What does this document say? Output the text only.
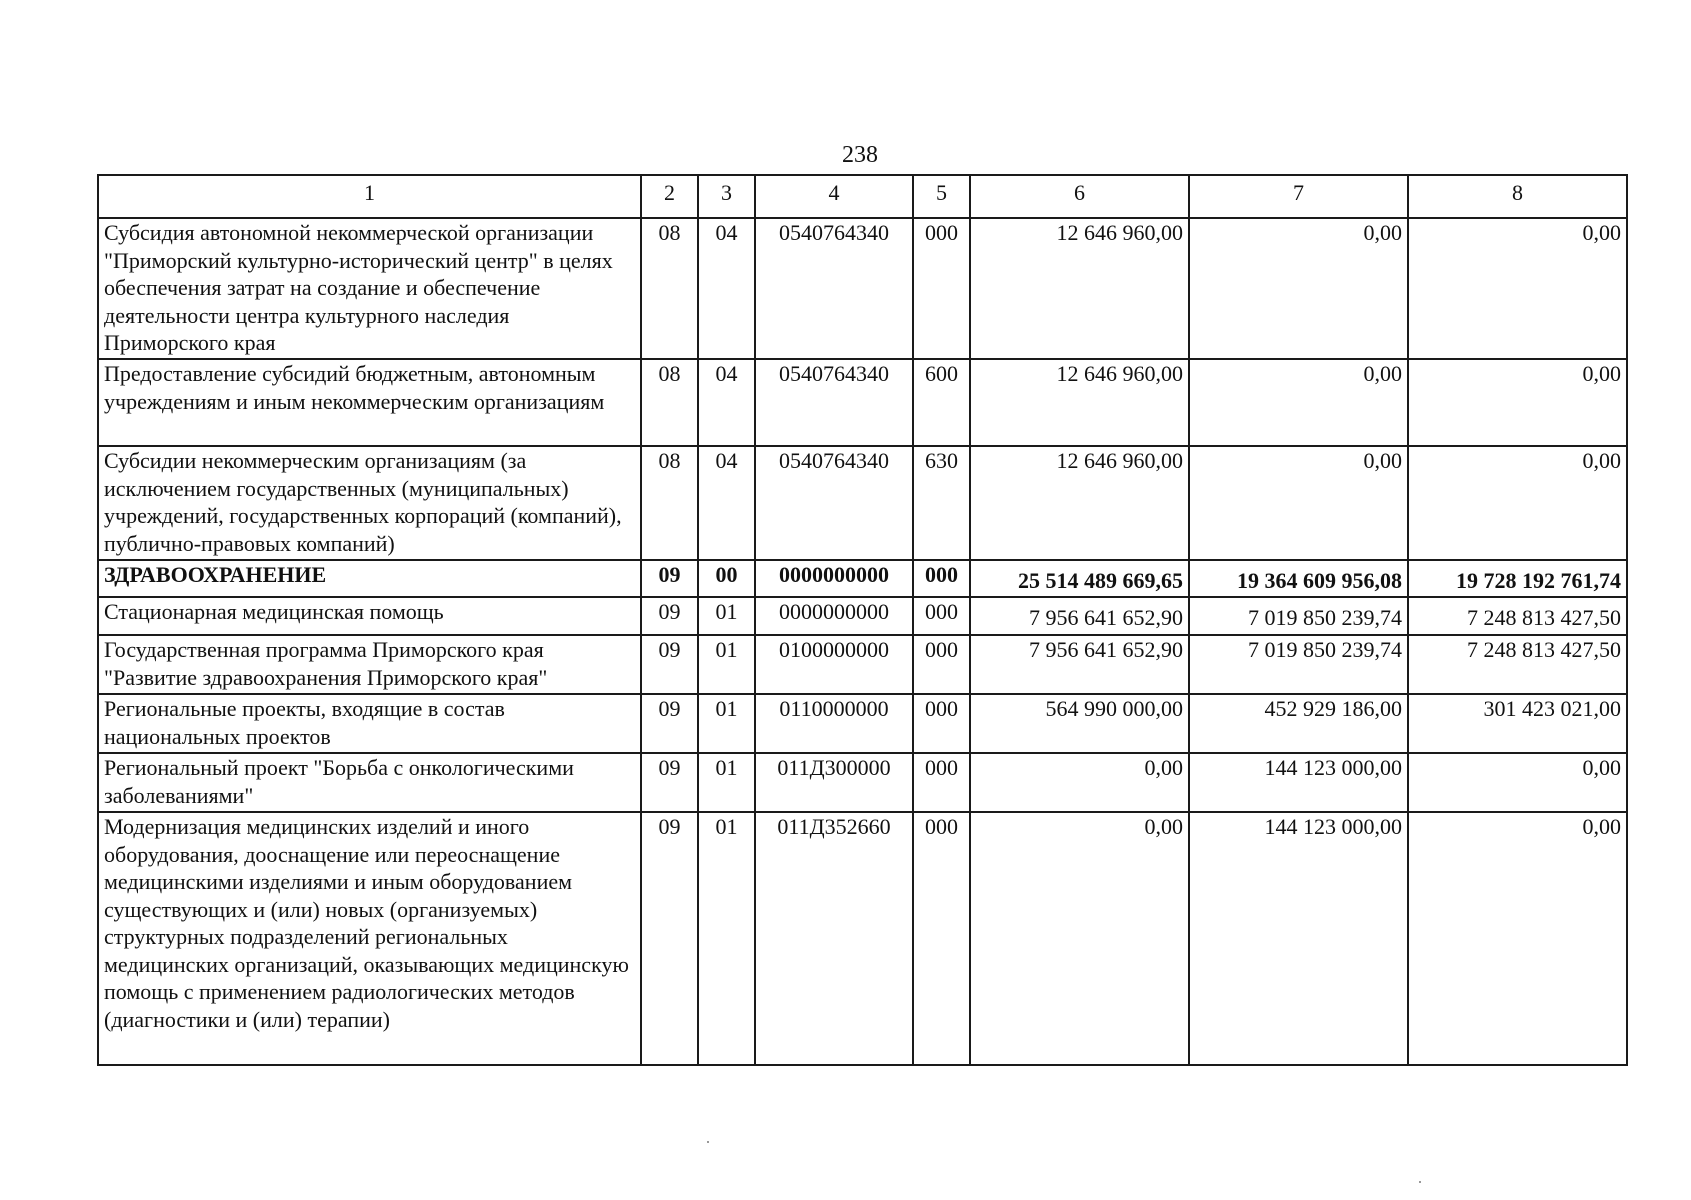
238
1	2	3	4	5	6	7	8
Субсидия автономной некоммерческой организации "Приморский культурно-исторический центр" в целях обеспечения затрат на создание и обеспечение деятельности центра культурного наследия Приморского края	08	04	0540764340	000	12 646 960,00	0,00	0,00
Предоставление субсидий бюджетным, автономным учреждениям и иным некоммерческим организациям	08	04	0540764340	600	12 646 960,00	0,00	0,00
Субсидии некоммерческим организациям (за исключением государственных (муниципальных) учреждений, государственных корпораций (компаний), публично-правовых компаний)	08	04	0540764340	630	12 646 960,00	0,00	0,00
ЗДРАВООХРАНЕНИЕ	09	00	0000000000	000	25 514 489 669,65	19 364 609 956,08	19 728 192 761,74
Стационарная медицинская помощь	09	01	0000000000	000	7 956 641 652,90	7 019 850 239,74	7 248 813 427,50
Государственная программа Приморского края "Развитие здравоохранения Приморского края"	09	01	0100000000	000	7 956 641 652,90	7 019 850 239,74	7 248 813 427,50
Региональные проекты, входящие в состав национальных проектов	09	01	0110000000	000	564 990 000,00	452 929 186,00	301 423 021,00
Региональный проект "Борьба с онкологическими заболеваниями"	09	01	011Д300000	000	0,00	144 123 000,00	0,00
Модернизация медицинских изделий и иного оборудования, дооснащение или переоснащение медицинскими изделиями и иным оборудованием существующих и (или) новых (организуемых) структурных подразделений региональных медицинских организаций, оказывающих медицинскую помощь с применением радиологических методов (диагностики и (или) терапии)	09	01	011Д352660	000	0,00	144 123 000,00	0,00
